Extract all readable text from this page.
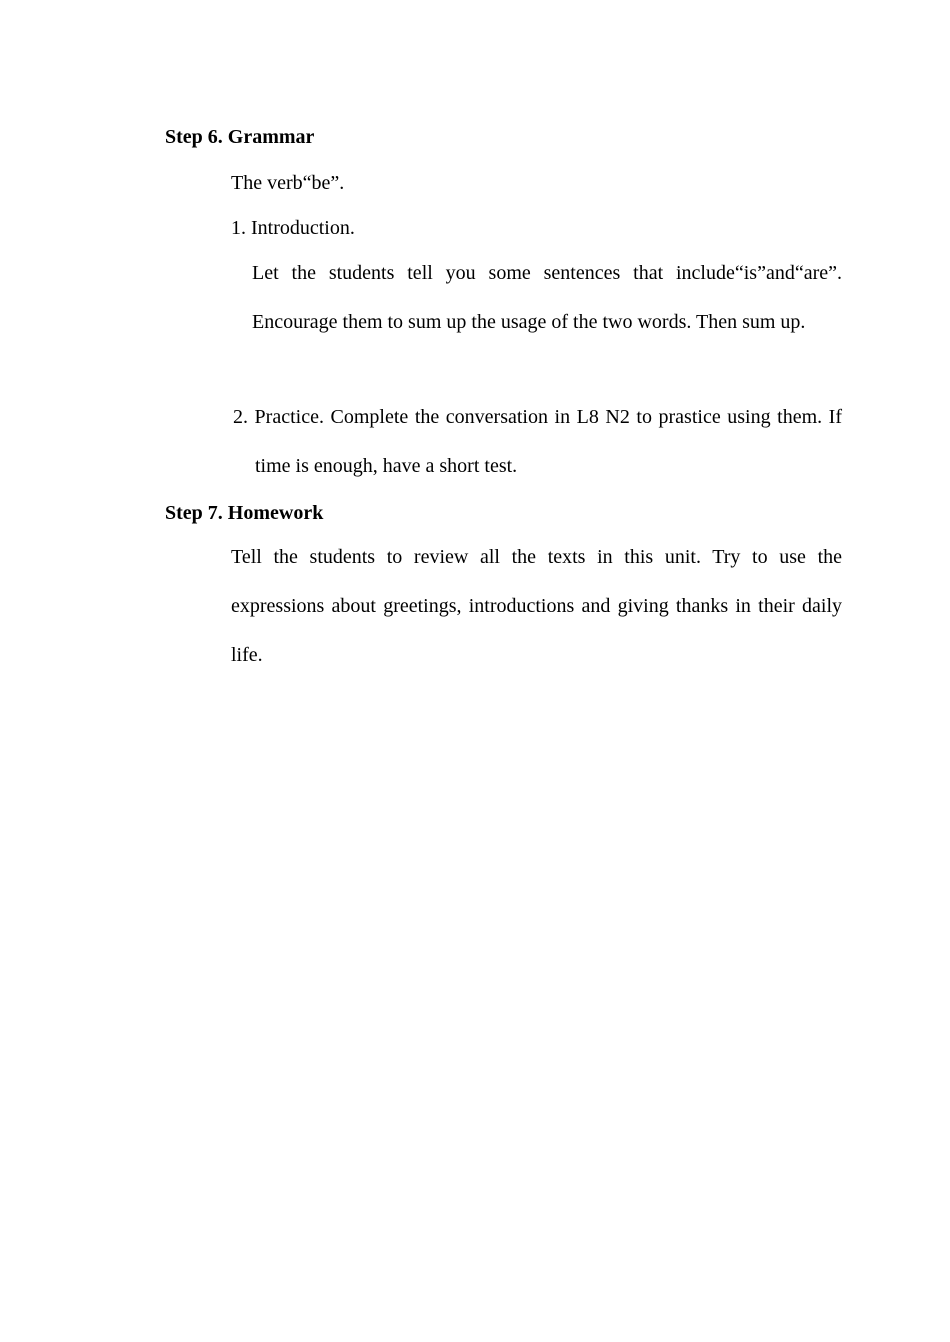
Step 6. Grammar

The verb“be”.

1. Introduction.

Let the students tell you some sentences that include“is”and“are”. Encourage them to sum up the usage of the two words. Then sum up.

2. Practice. Complete the conversation in L8 N2 to prastice using them. If time is enough, have a short test.

Step 7. Homework

Tell the students to review all the texts in this unit. Try to use the expressions about greetings, introductions and giving thanks in their daily life.
